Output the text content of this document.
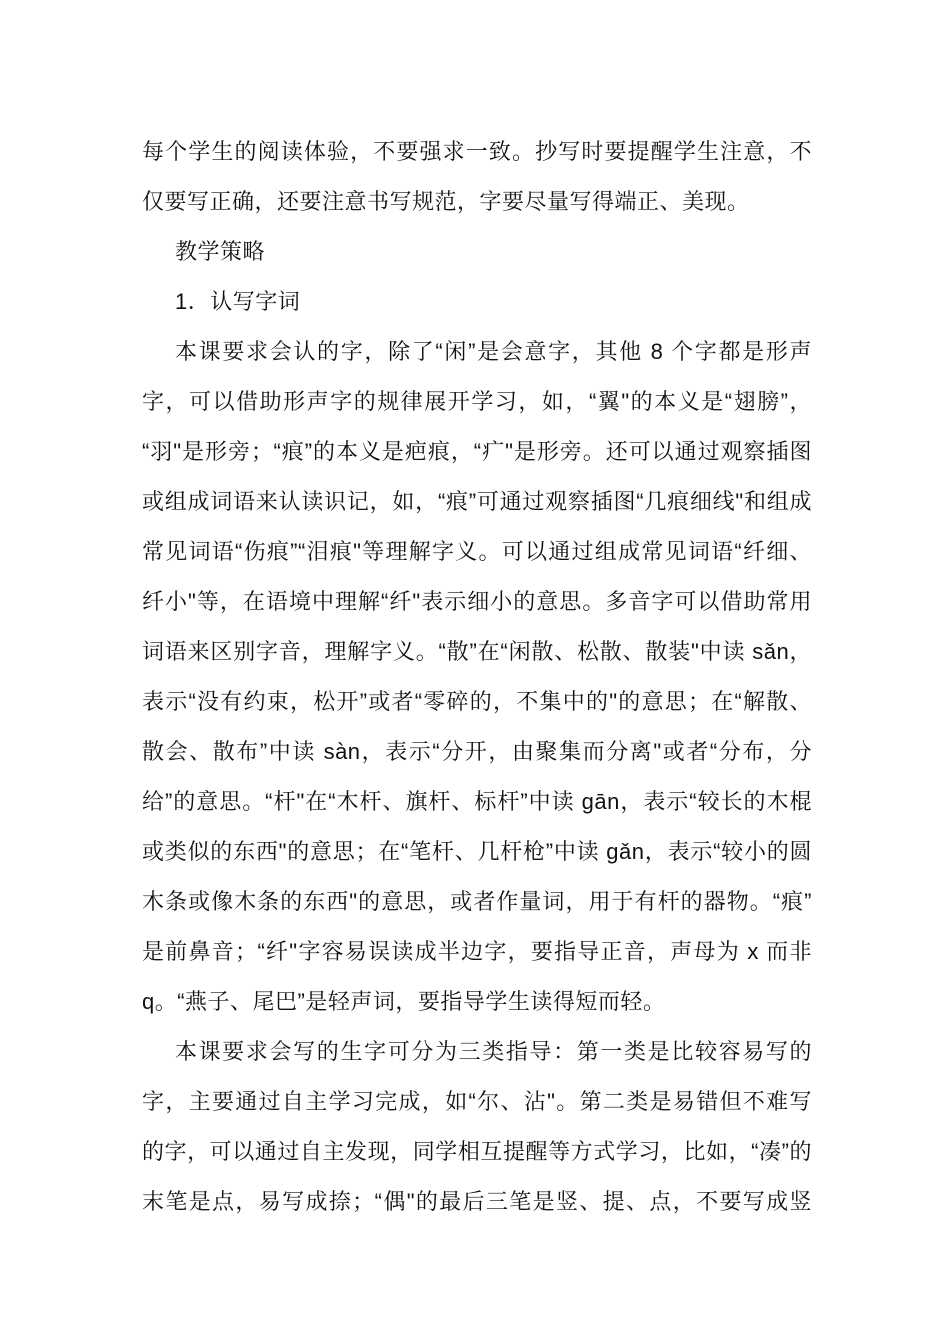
每个学生的阅读体验，不要强求一致。抄写时要提醒学生注意，不
仅要写正确，还要注意书写规范，字要尽量写得端正、美现。
教学策略
1．认写字词
本课要求会认的字，除了“闲”是会意字，其他 8 个字都是形声
字，可以借助形声字的规律展开学习，如，“翼"的本义是“翅膀”，
“羽"是形旁；“痕”的本义是疤痕，“疒"是形旁。还可以通过观察插图
或组成词语来认读识记，如，“痕”可通过观察插图“几痕细线"和组成
常见词语“伤痕”“泪痕"等理解字义。可以通过组成常见词语“纤细、
纤小"等，在语境中理解“纤"表示细小的意思。多音字可以借助常用
词语来区别字音，理解字义。“散”在“闲散、松散、散装"中读 sǎn，
表示“没有约束，松开”或者“零碎的，不集中的"的意思；在“解散、
散会、散布”中读 sàn，表示“分开，由聚集而分离"或者“分布，分
给”的意思。“杆"在“木杆、旗杆、标杆”中读 gān，表示“较长的木棍
或类似的东西"的意思；在“笔杆、几杆枪”中读 gǎn，表示“较小的圆
木条或像木条的东西"的意思，或者作量词，用于有杆的器物。“痕”
是前鼻音；“纤"字容易误读成半边字，要指导正音，声母为 x 而非
q。“燕子、尾巴”是轻声词，要指导学生读得短而轻。
本课要求会写的生字可分为三类指导：第一类是比较容易写的
字，主要通过自主学习完成，如“尔、沾"。第二类是易错但不难写
的字，可以通过自主发现，同学相互提醒等方式学习，比如，“凑”的
末笔是点，易写成捺；“偶"的最后三笔是竖、提、点，不要写成竖
